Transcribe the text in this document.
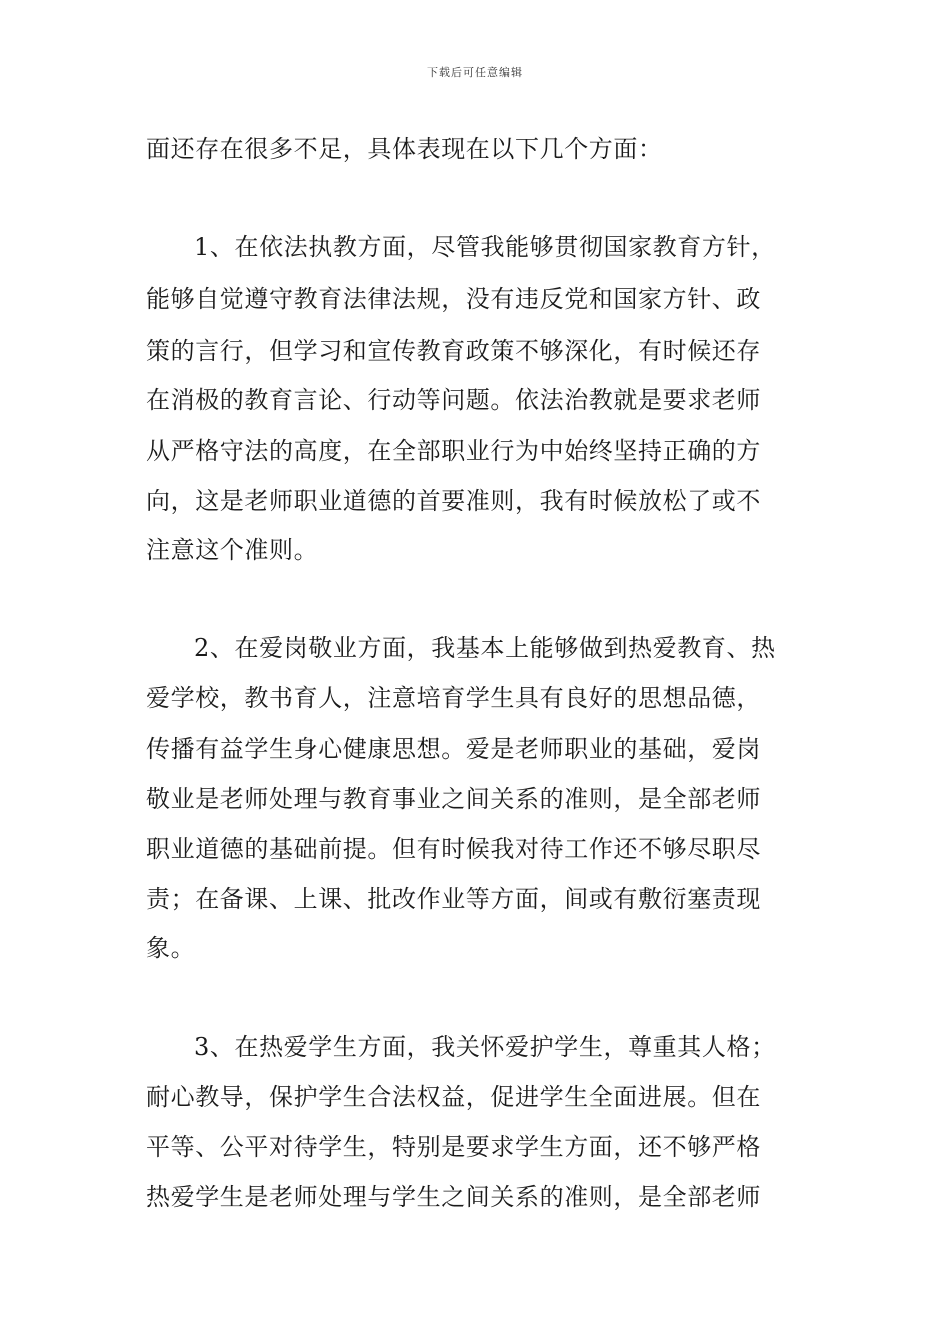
下载后可任意编辑
面还存在很多不足，具体表现在以下几个方面：
1、在依法执教方面，尽管我能够贯彻国家教育方针，
能够自觉遵守教育法律法规，没有违反党和国家方针、政
策的言行，但学习和宣传教育政策不够深化，有时候还存
在消极的教育言论、行动等问题。依法治教就是要求老师
从严格守法的高度，在全部职业行为中始终坚持正确的方
向，这是老师职业道德的首要准则，我有时候放松了或不
注意这个准则。
2、在爱岗敬业方面，我基本上能够做到热爱教育、热
爱学校，教书育人，注意培育学生具有良好的思想品德，
传播有益学生身心健康思想。爱是老师职业的基础，爱岗
敬业是老师处理与教育事业之间关系的准则，是全部老师
职业道德的基础前提。但有时候我对待工作还不够尽职尽
责；在备课、上课、批改作业等方面，间或有敷衍塞责现
象。
3、在热爱学生方面，我关怀爱护学生，尊重其人格；
耐心教导，保护学生合法权益，促进学生全面进展。但在
平等、公平对待学生，特别是要求学生方面，还不够严格
热爱学生是老师处理与学生之间关系的准则，是全部老师
